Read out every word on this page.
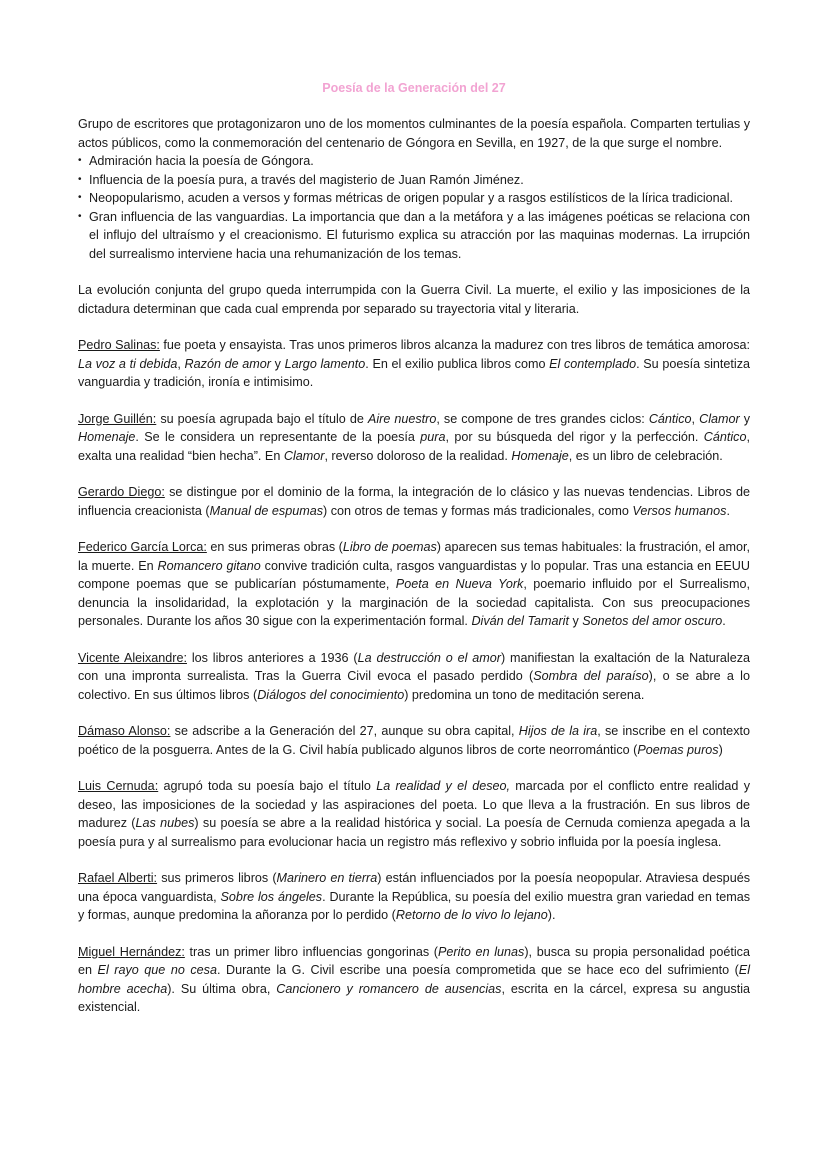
Poesía de la Generación del 27

Grupo de escritores que protagonizaron uno de los momentos culminantes de la poesía española. Comparten tertulias y actos públicos, como la conmemoración del centenario de Góngora en Sevilla, en 1927, de la que surge el nombre.

• Admiración hacia la poesía de Góngora.
• Influencia de la poesía pura, a través del magisterio de Juan Ramón Jiménez.
• Neopopularismo, acuden a versos y formas métricas de origen popular y a rasgos estilísticos de la lírica tradicional.
• Gran influencia de las vanguardias. La importancia que dan a la metáfora y a las imágenes poéticas se relaciona con el influjo del ultraísmo y el creacionismo. El futurismo explica su atracción por las maquinas modernas. La irrupción del surrealismo interviene hacia una rehumanización de los temas.

La evolución conjunta del grupo queda interrumpida con la Guerra Civil. La muerte, el exilio y las imposiciones de la dictadura determinan que cada cual emprenda por separado su trayectoria vital y literaria.

Pedro Salinas: fue poeta y ensayista. Tras unos primeros libros alcanza la madurez con tres libros de temática amorosa: La voz a ti debida, Razón de amor y Largo lamento. En el exilio publica libros como El contemplado. Su poesía sintetiza vanguardia y tradición, ironía e intimisimo.

Jorge Guillén: su poesía agrupada bajo el título de Aire nuestro, se compone de tres grandes ciclos: Cántico, Clamor y Homenaje. Se le considera un representante de la poesía pura, por su búsqueda del rigor y la perfección. Cántico, exalta una realidad “bien hecha”. En Clamor, reverso doloroso de la realidad. Homenaje, es un libro de celebración.

Gerardo Diego: se distingue por el dominio de la forma, la integración de lo clásico y las nuevas tendencias. Libros de influencia creacionista (Manual de espumas) con otros de temas y formas más tradicionales, como Versos humanos.

Federico García Lorca: en sus primeras obras (Libro de poemas) aparecen sus temas habituales: la frustración, el amor, la muerte. En Romancero gitano convive tradición culta, rasgos vanguardistas y lo popular. Tras una estancia en EEUU compone poemas que se publicarían póstumamente, Poeta en Nueva York, poemario influido por el Surrealismo, denuncia la insolidaridad, la explotación y la marginación de la sociedad capitalista. Con sus preocupaciones personales. Durante los años 30 sigue con la experimentación formal. Diván del Tamarit y Sonetos del amor oscuro.

Vicente Aleixandre: los libros anteriores a 1936 (La destrucción o el amor) manifiestan la exaltación de la Naturaleza con una impronta surrealista. Tras la Guerra Civil evoca el pasado perdido (Sombra del paraíso), o se abre a lo colectivo. En sus últimos libros (Diálogos del conocimiento) predomina un tono de meditación serena.

Dámaso Alonso: se adscribe a la Generación del 27, aunque su obra capital, Hijos de la ira, se inscribe en el contexto poético de la posguerra. Antes de la G. Civil había publicado algunos libros de corte neorromántico (Poemas puros)

Luis Cernuda: agrupó toda su poesía bajo el título La realidad y el deseo, marcada por el conflicto entre realidad y deseo, las imposiciones de la sociedad y las aspiraciones del poeta. Lo que lleva a la frustración. En sus libros de madurez (Las nubes) su poesía se abre a la realidad histórica y social. La poesía de Cernuda comienza apegada a la poesía pura y al surrealismo para evolucionar hacia un registro más reflexivo y sobrio influida por la poesía inglesa.

Rafael Alberti: sus primeros libros (Marinero en tierra) están influenciados por la poesía neopopular. Atraviesa después una época vanguardista, Sobre los ángeles. Durante la República, su poesía del exilio muestra gran variedad en temas y formas, aunque predomina la añoranza por lo perdido (Retorno de lo vivo lo lejano).

Miguel Hernández: tras un primer libro influencias gongorinas (Perito en lunas), busca su propia personalidad poética en El rayo que no cesa. Durante la G. Civil escribe una poesía comprometida que se hace eco del sufrimiento (El hombre acecha). Su última obra, Cancionero y romancero de ausencias, escrita en la cárcel, expresa su angustia existencial.
